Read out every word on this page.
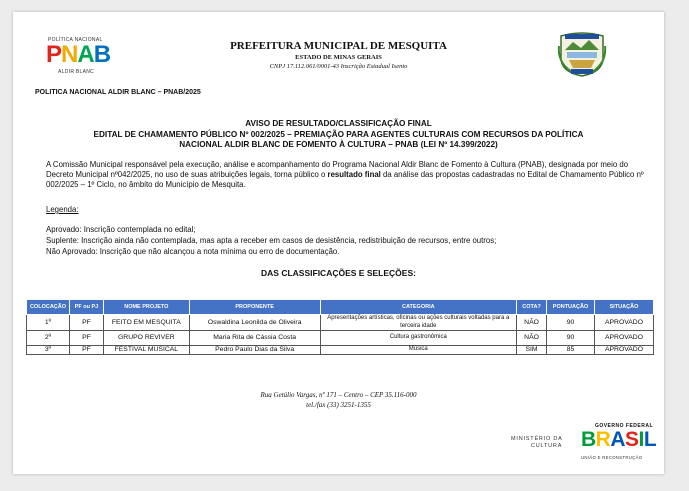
POLÍTICA NACIONAL
PNAB
ALDIR BLANC
POLITICA NACIONAL ALDIR BLANC – PNAB/2025
PREFEITURA MUNICIPAL DE MESQUITA
ESTADO DE MINAS GERAIS
CNPJ 17.112.061/0001-43 Inscrição Estadual Isento
AVISO DE RESULTADO/CLASSIFICAÇÃO FINAL
EDITAL DE CHAMAMENTO PÚBLICO Nº 002/2025 – PREMIAÇÃO PARA AGENTES CULTURAIS COM RECURSOS DA POLÍTICA
NACIONAL ALDIR BLANC DE FOMENTO À CULTURA – PNAB (LEI Nº 14.399/2022)
A Comissão Municipal responsável pela execução, análise e acompanhamento do Programa Nacional Aldir Blanc de Fomento à Cultura (PNAB), designada por meio do Decreto Municipal nº042/2025, no uso de suas atribuições legais, torna público o resultado final da análise das propostas cadastradas no Edital de Chamamento Público nº 002/2025 – 1º Ciclo, no âmbito do Município de Mesquita.
Legenda:
Aprovado: Inscrição contemplada no edital;
Suplente: Inscrição ainda não contemplada, mas apta a receber em casos de desistência, redistribuição de recursos, entre outros;
Não Aprovado: Inscrição que não alcançou a nota mínima ou erro de documentação.
DAS CLASSIFICAÇÕES E SELEÇÕES:
COLOCAÇÃO	PF ou PJ	NOME PROJETO	PROPONENTE	CATEGORIA	COTA?	PONTUAÇÃO	SITUAÇÃO
1º	PF	FEITO EM MESQUITA	Oswaldina Leonilda de Oliveira	Apresentações artísticas, oficinas ou ações culturais voltadas para a terceira idade	NÃO	90	APROVADO
2º	PF	GRUPO REVIVER	Maria Rita de Cássia Costa	Cultura gastronômica	NÃO	90	APROVADO
3º	PF	FESTIVAL MUSICAL	Pedro Paulo Dias da Silva	Música	SIM	85	APROVADO
Rua Getúlio Vargas, nº 171 – Centro – CEP 35.116-000
tel./fax (33) 3251-1355
MINISTÉRIO DA
CULTURA
GOVERNO FEDERAL
BRASIL
UNIÃO E RECONSTRUÇÃO
